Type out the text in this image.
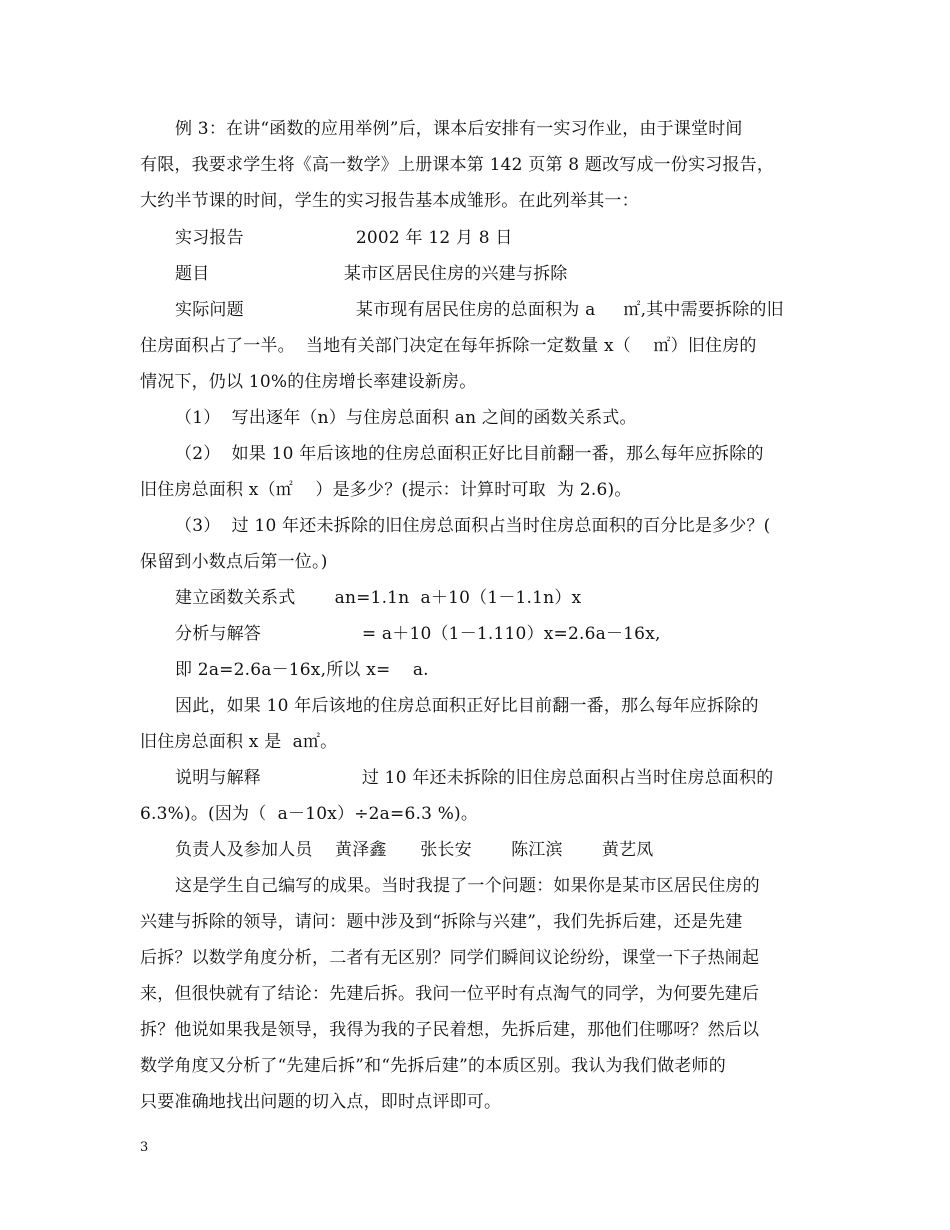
例 3：在讲“函数的应用举例”后，课本后安排有一实习作业，由于课堂时间
有限，我要求学生将《高一数学》上册课本第 142 页第 8 题改写成一份实习报告，
大约半节课的时间，学生的实习报告基本成雏形。在此列举其一：
实习报告                    2002 年 12 月 8 日
题目                        某市区居民住房的兴建与拆除
实际问题                    某市现有居民住房的总面积为 a     ㎡,其中需要拆除的旧
住房面积占了一半。  当地有关部门决定在每年拆除一定数量 x（    ㎡）旧住房的
情况下，仍以 10%的住房增长率建设新房。
（1）  写出逐年（n）与住房总面积 an 之间的函数关系式。
（2）  如果 10 年后该地的住房总面积正好比目前翻一番，那么每年应拆除的
旧住房总面积 x（㎡    ）是多少？(提示：计算时可取  为 2.6)。
（3）  过 10 年还未拆除的旧住房总面积占当时住房总面积的百分比是多少？(
保留到小数点后第一位。)
建立函数关系式       an=1.1n  a＋10（1－1.1n）x
分析与解答                  = a＋10（1－1.110）x=2.6a－16x,
即 2a=2.6a－16x,所以 x=    a.
因此，如果 10 年后该地的住房总面积正好比目前翻一番，那么每年应拆除的
旧住房总面积 x 是  a㎡。
说明与解释                  过 10 年还未拆除的旧住房总面积占当时住房总面积的
6.3%)。(因为（  a－10x）÷2a=6.3 %)。
负责人及参加人员    黄泽鑫      张长安       陈江滨       黄艺凤
这是学生自己编写的成果。当时我提了一个问题：如果你是某市区居民住房的
兴建与拆除的领导，请问：题中涉及到“拆除与兴建”，我们先拆后建，还是先建
后拆？以数学角度分析，二者有无区别？同学们瞬间议论纷纷，课堂一下子热闹起
来，但很快就有了结论：先建后拆。我问一位平时有点淘气的同学，为何要先建后
拆？他说如果我是领导，我得为我的子民着想，先拆后建，那他们住哪呀？然后以
数学角度又分析了“先建后拆”和“先拆后建”的本质区别。我认为我们做老师的
只要准确地找出问题的切入点，即时点评即可。
3
